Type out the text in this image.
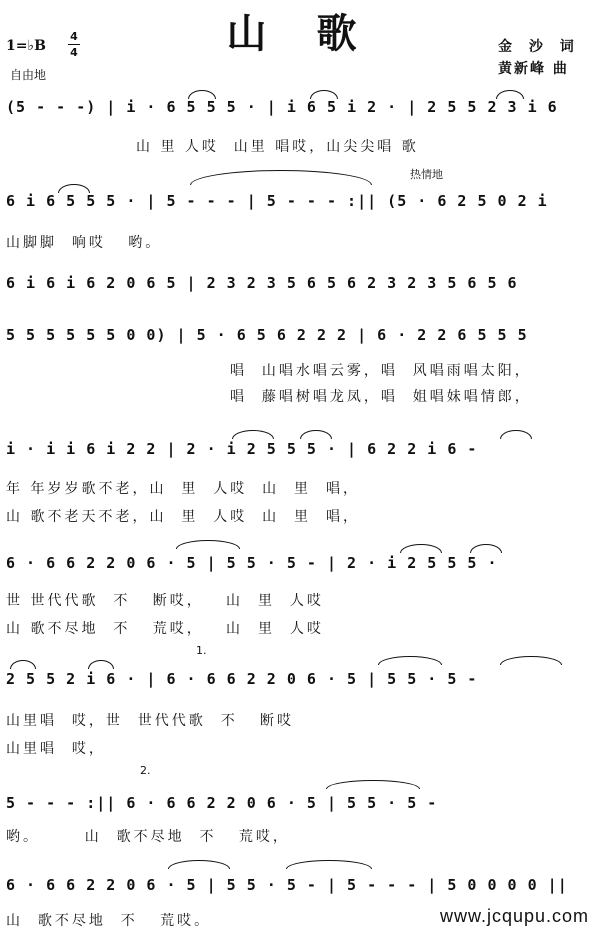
山 歌
1=♭B
4
4
自由地
金 沙 词
黄新峰 曲
(5 - - -) | i · 6 5 5 5 · | i 6 5 i 2 · | 2 5 5 2 3 i 6
山 里 人哎  山里 唱哎，山尖尖唱 歌
热情地
6 i 6 5 5 5 · | 5 - - - | 5 - - - :|| (5 · 6 2 5 0 2 i
山脚脚  响哎   哟。
6 i 6 i 6 2 0 6 5 | 2 3 2 3 5 6 5 6 2 3 2 3 5 6 5 6
5 5 5 5 5 5 0 0) | 5 · 6 5 6 2 2 2 | 6 · 2 2 6 5 5 5
唱  山唱水唱云雾，唱  风唱雨唱太阳，
唱  藤唱树唱龙凤，唱  姐唱妹唱情郎，
i · i i 6 i 2 2 | 2 · i 2 5 5 5 · | 6 2 2 i 6 -
年 年岁岁歌不老，山  里  人哎  山  里  唱，
山 歌不老天不老，山  里  人哎  山  里  唱，
6 · 6 6 2 2 0 6 · 5 | 5 5 · 5 - | 2 · i 2 5 5 5 ·
世 世代代歌  不   断哎，   山  里  人哎
山 歌不尽地  不   荒哎，   山  里  人哎
1.
2 5 5 2 i 6 · | 6 · 6 6 2 2 0 6 · 5 | 5 5 · 5 -
山里唱  哎，世  世代代歌  不   断哎
山里唱  哎，
2.
5 - - - :|| 6 · 6 6 2 2 0 6 · 5 | 5 5 · 5 -
哟。      山  歌不尽地  不   荒哎，
6 · 6 6 2 2 0 6 · 5 | 5 5 · 5 - | 5 - - - | 5 0 0 0 0 ||
山  歌不尽地  不   荒哎。	www.jcqupu.com
